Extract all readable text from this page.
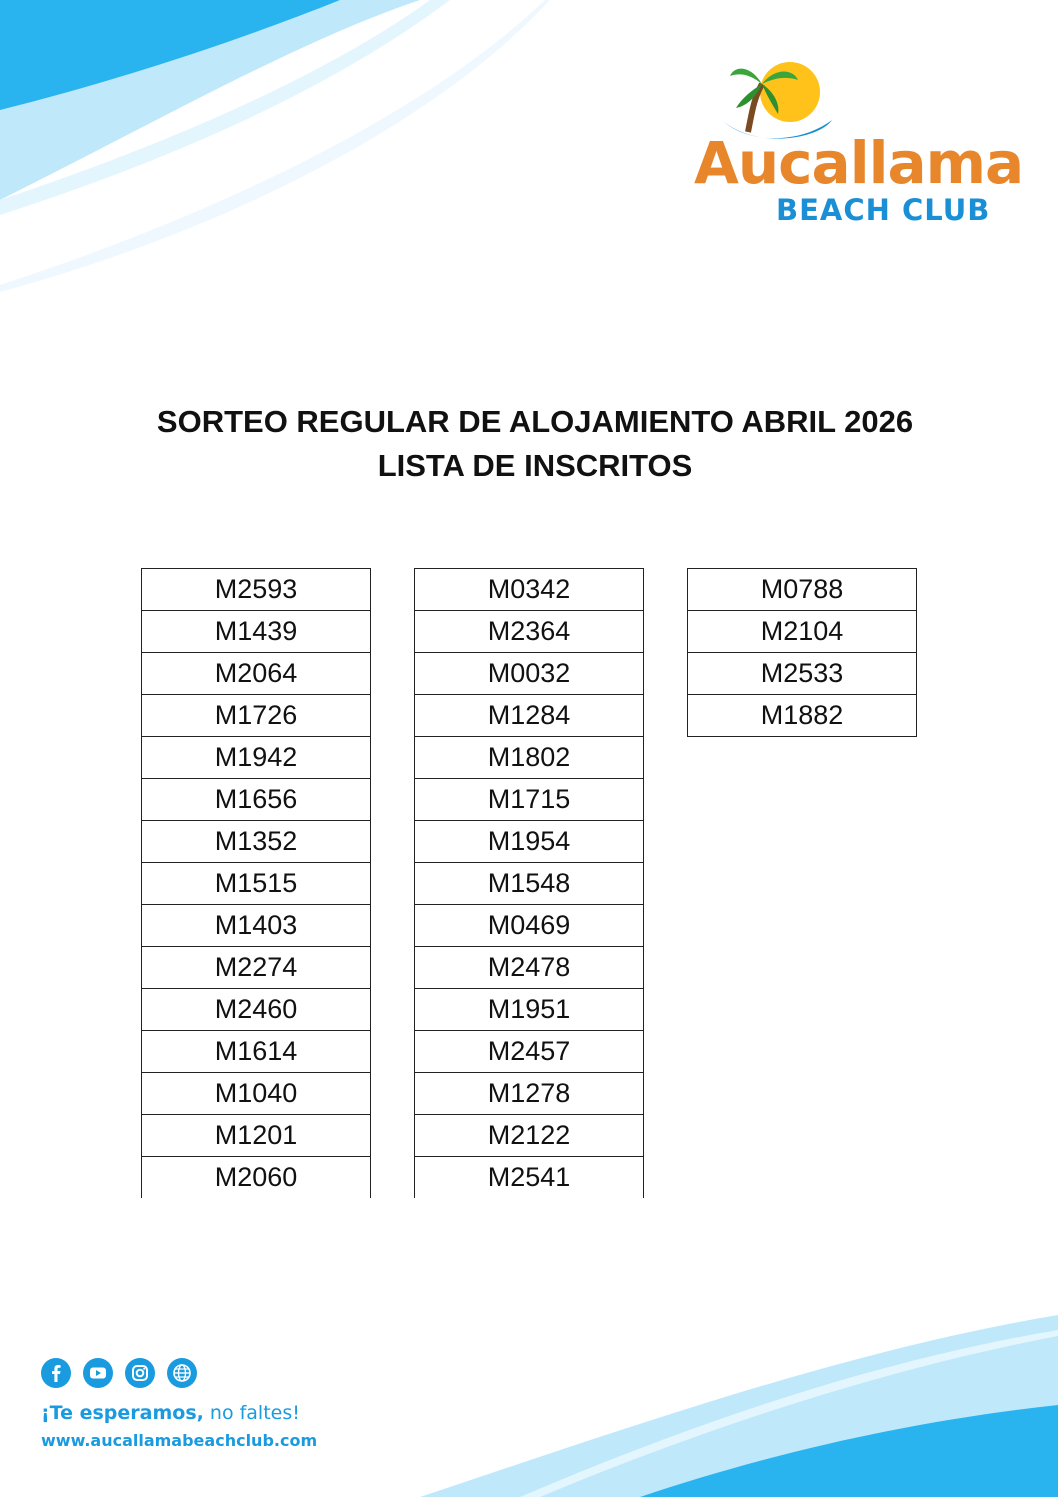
Aucallama
BEACH CLUB
SORTEO REGULAR DE ALOJAMIENTO ABRIL 2026
LISTA DE INSCRITOS
M2593
M1439
M2064
M1726
M1942
M1656
M1352
M1515
M1403
M2274
M2460
M1614
M1040
M1201
M2060
M0342
M2364
M0032
M1284
M1802
M1715
M1954
M1548
M0469
M2478
M1951
M2457
M1278
M2122
M2541
M0788
M2104
M2533
M1882
¡Te esperamos, no faltes!
www.aucallamabeachclub.com
